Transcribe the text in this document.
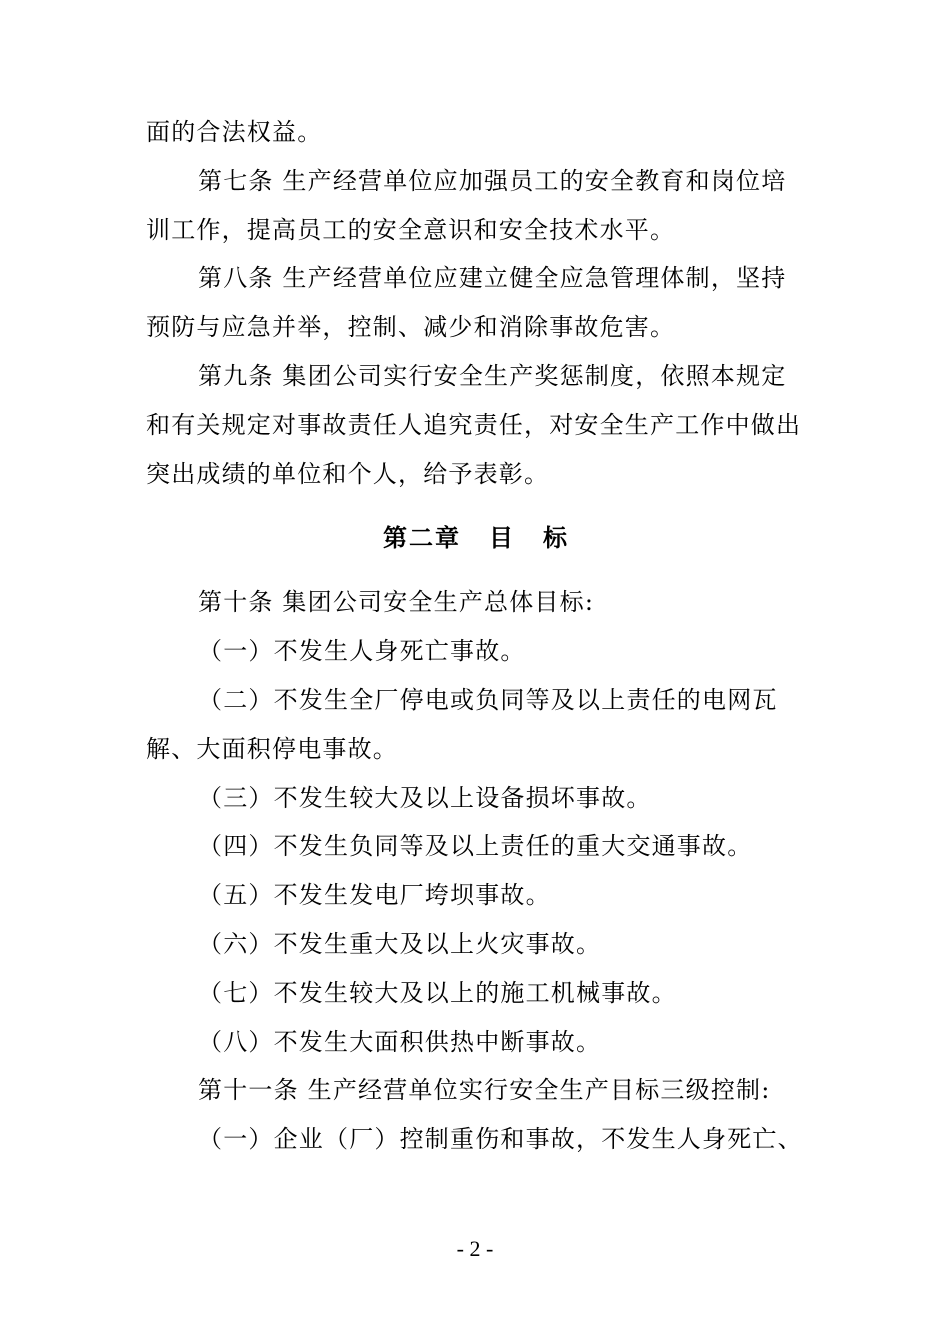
面的合法权益。
第七条 生产经营单位应加强员工的安全教育和岗位培
训工作，提高员工的安全意识和安全技术水平。
第八条 生产经营单位应建立健全应急管理体制，坚持
预防与应急并举，控制、减少和消除事故危害。
第九条 集团公司实行安全生产奖惩制度，依照本规定
和有关规定对事故责任人追究责任，对安全生产工作中做出
突出成绩的单位和个人，给予表彰。
第二章 目 标
第十条 集团公司安全生产总体目标:
（一）不发生人身死亡事故。
（二）不发生全厂停电或负同等及以上责任的电网瓦
解、大面积停电事故。
（三）不发生较大及以上设备损坏事故。
（四）不发生负同等及以上责任的重大交通事故。
（五）不发生发电厂垮坝事故。
（六）不发生重大及以上火灾事故。
（七）不发生较大及以上的施工机械事故。
（八）不发生大面积供热中断事故。
第十一条 生产经营单位实行安全生产目标三级控制:
（一）企业（厂）控制重伤和事故，不发生人身死亡、
- 2 -
